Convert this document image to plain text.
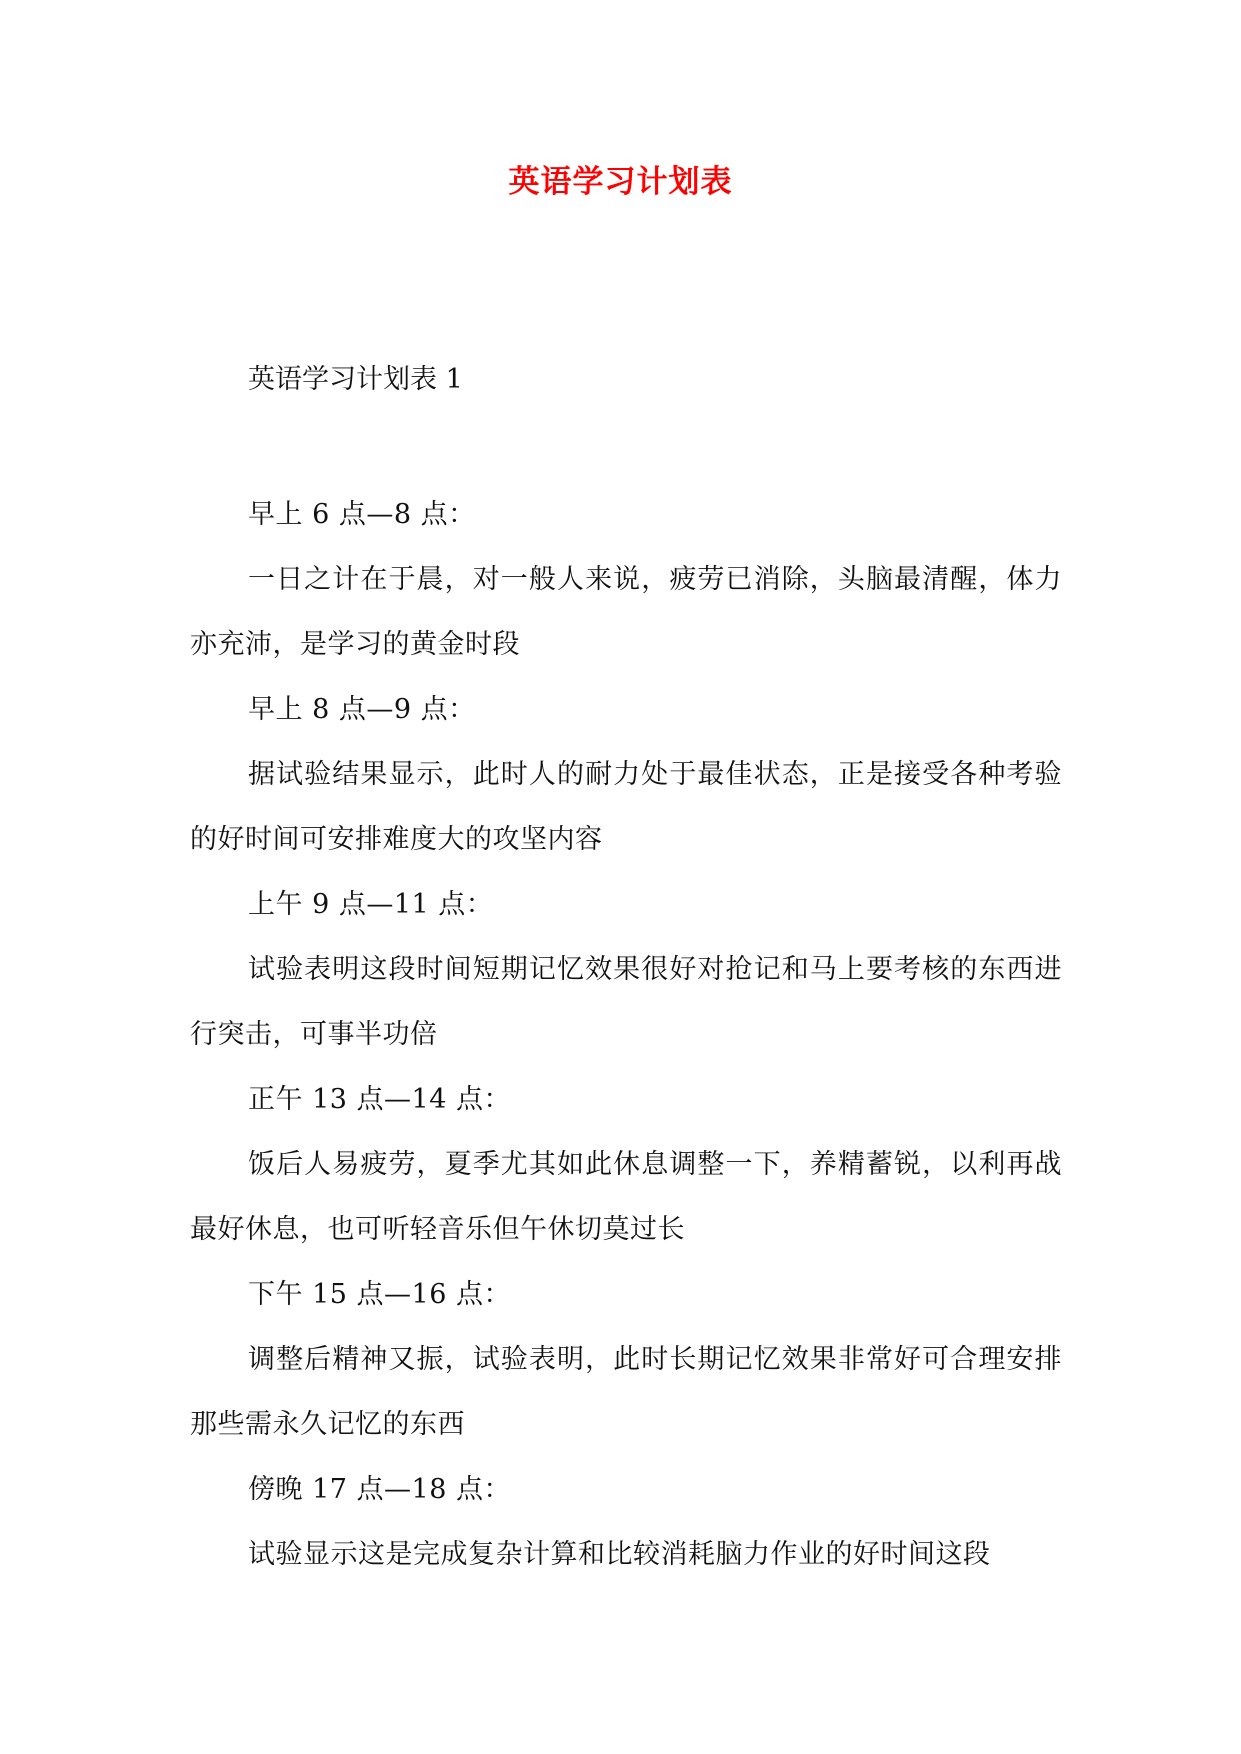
英语学习计划表

英语学习计划表 1

早上 6 点—8 点：

一日之计在于晨，对一般人来说，疲劳已消除，头脑最清醒，体力亦充沛，是学习的黄金时段

早上 8 点—9 点：

据试验结果显示，此时人的耐力处于最佳状态，正是接受各种考验的好时间可安排难度大的攻坚内容

上午 9 点—11 点：

试验表明这段时间短期记忆效果很好对抢记和马上要考核的东西进行突击，可事半功倍

正午 13 点—14 点：

饭后人易疲劳，夏季尤其如此休息调整一下，养精蓄锐，以利再战最好休息，也可听轻音乐但午休切莫过长

下午 15 点—16 点：

调整后精神又振，试验表明，此时长期记忆效果非常好可合理安排那些需永久记忆的东西

傍晚 17 点—18 点：

试验显示这是完成复杂计算和比较消耗脑力作业的好时间这段
